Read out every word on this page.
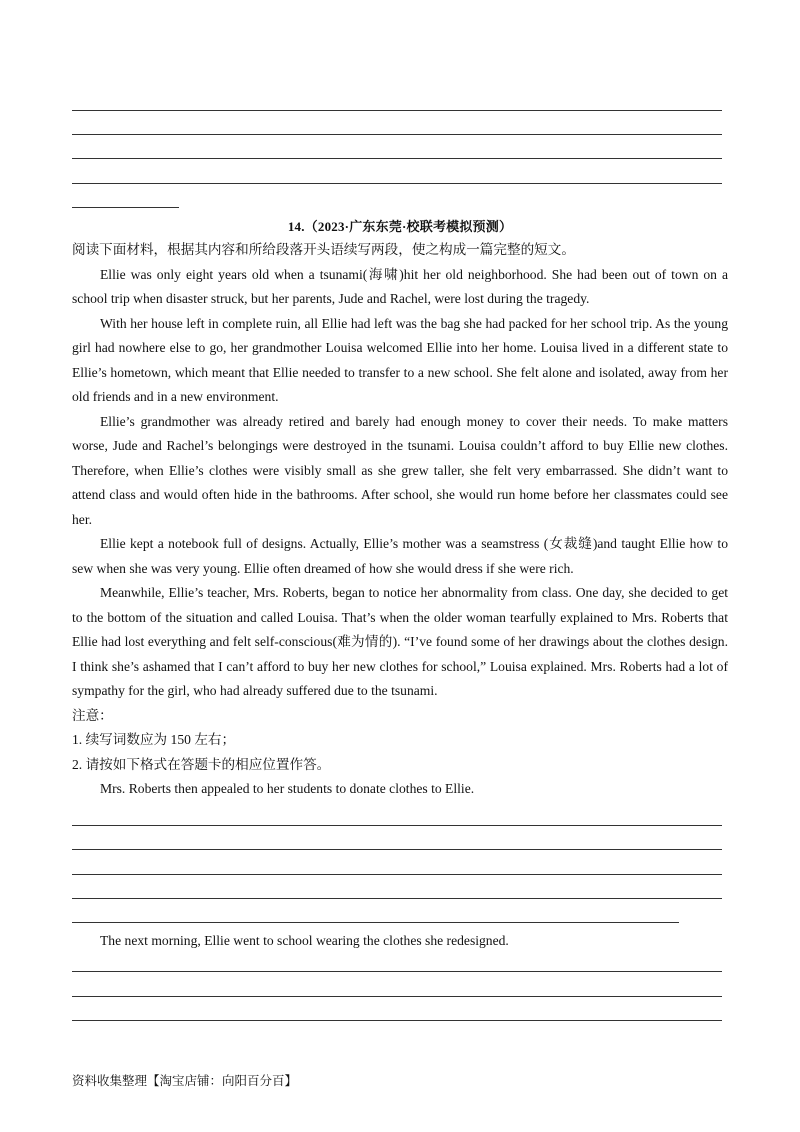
14.（2023·广东东莞·校联考模拟预测）

阅读下面材料，根据其内容和所给段落开头语续写两段，使之构成一篇完整的短文。

Ellie was only eight years old when a tsunami(海啸)hit her old neighborhood. She had been out of town on a school trip when disaster struck, but her parents, Jude and Rachel, were lost during the tragedy.

With her house left in complete ruin, all Ellie had left was the bag she had packed for her school trip. As the young girl had nowhere else to go, her grandmother Louisa welcomed Ellie into her home. Louisa lived in a different state to Ellie’s hometown, which meant that Ellie needed to transfer to a new school. She felt alone and isolated, away from her old friends and in a new environment.

Ellie’s grandmother was already retired and barely had enough money to cover their needs. To make matters worse, Jude and Rachel’s belongings were destroyed in the tsunami. Louisa couldn’t afford to buy Ellie new clothes. Therefore, when Ellie’s clothes were visibly small as she grew taller, she felt very embarrassed. She didn’t want to attend class and would often hide in the bathrooms. After school, she would run home before her classmates could see her.

Ellie kept a notebook full of designs. Actually, Ellie’s mother was a seamstress (女裁缝)and taught Ellie how to sew when she was very young. Ellie often dreamed of how she would dress if she were rich.

Meanwhile, Ellie’s teacher, Mrs. Roberts, began to notice her abnormality from class. One day, she decided to get to the bottom of the situation and called Louisa. That’s when the older woman tearfully explained to Mrs. Roberts that Ellie had lost everything and felt self-conscious(难为情的). “I’ve found some of her drawings about the clothes design. I think she’s ashamed that I can’t afford to buy her new clothes for school,” Louisa explained. Mrs. Roberts had a lot of sympathy for the girl, who had already suffered due to the tsunami.

注意：

1. 续写词数应为 150 左右；

2. 请按如下格式在答题卡的相应位置作答。

Mrs. Roberts then appealed to her students to donate clothes to Ellie.

The next morning, Ellie went to school wearing the clothes she redesigned.

资料收集整理【淘宝店铺：向阳百分百】
